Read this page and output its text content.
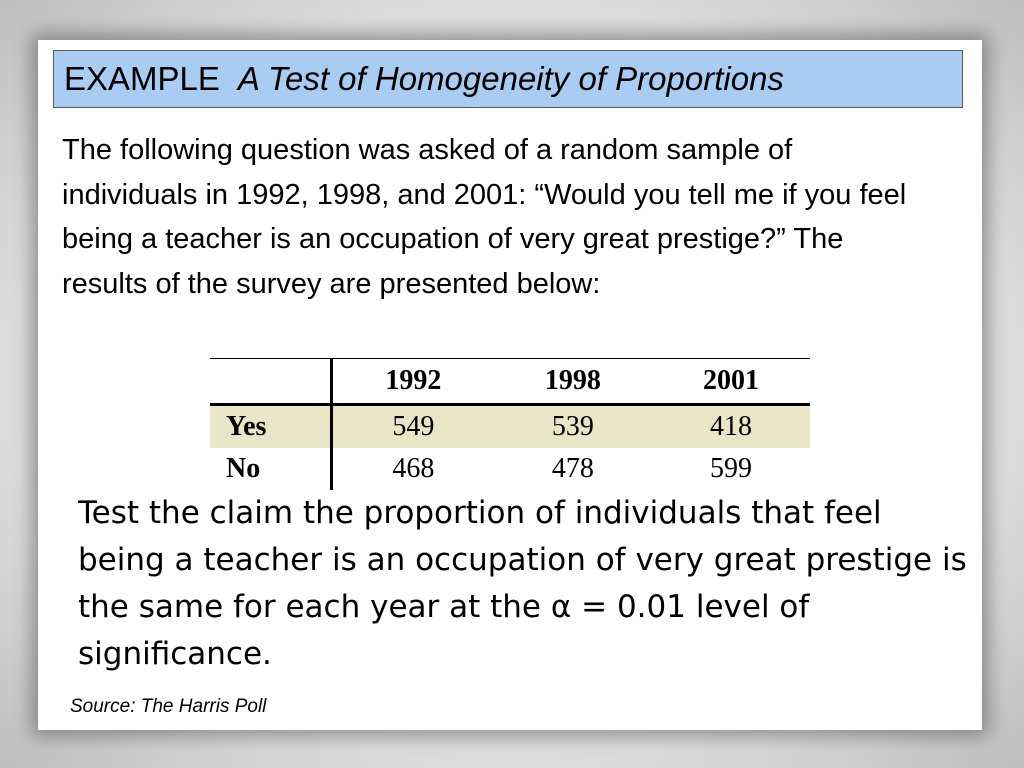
EXAMPLE A Test of Homogeneity of Proportions

The following question was asked of a random sample of individuals in 1992, 1998, and 2001: “Would you tell me if you feel being a teacher is an occupation of very great prestige?” The results of the survey are presented below:

	1992	1998	2001
Yes	549	539	418
No	468	478	599

Test the claim the proportion of individuals that feel being a teacher is an occupation of very great prestige is the same for each year at the α = 0.01 level of significance.

Source: The Harris Poll
